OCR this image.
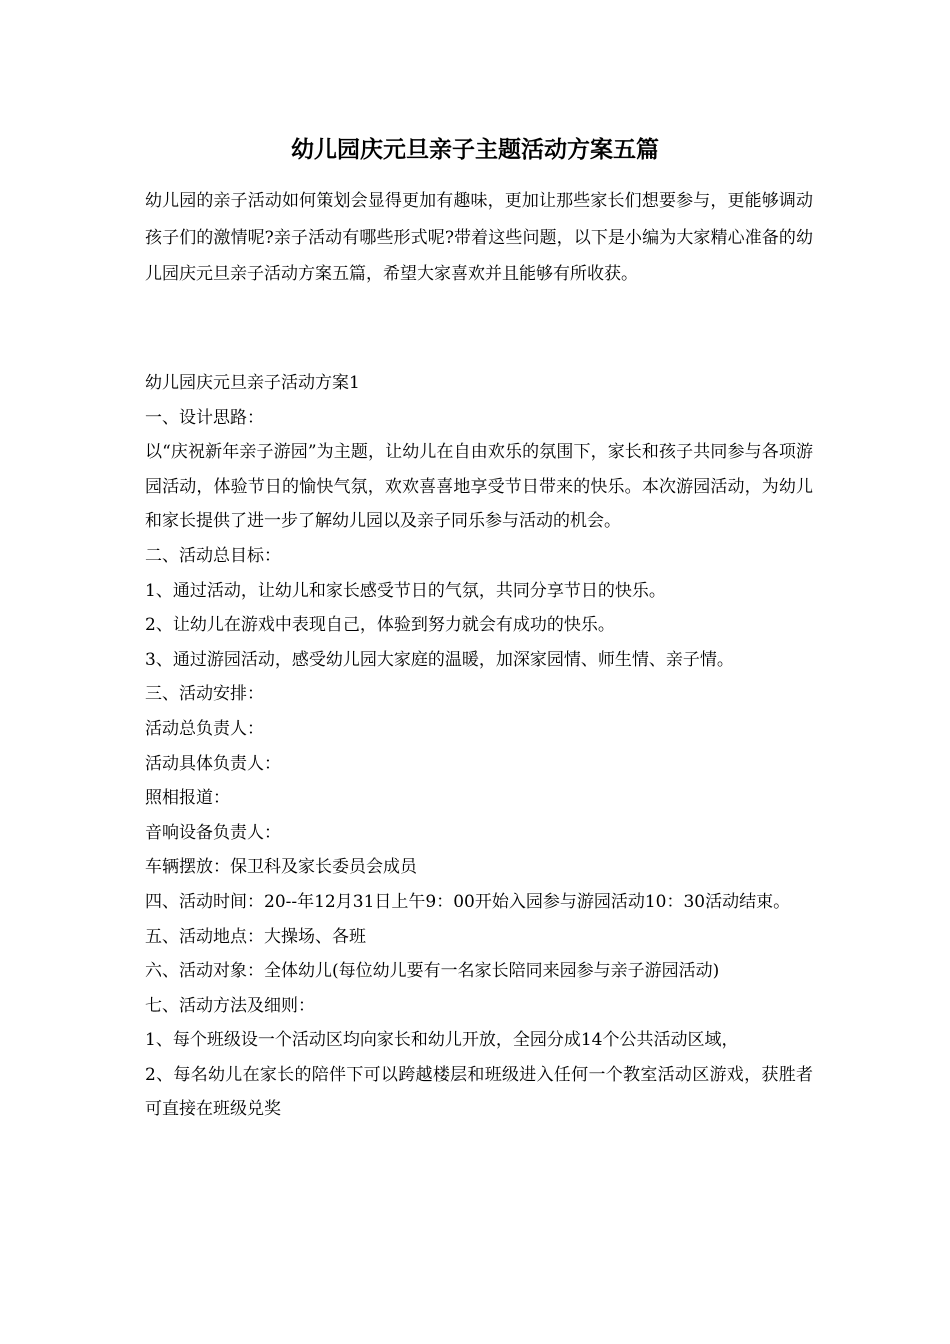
幼儿园庆元旦亲子主题活动方案五篇

幼儿园的亲子活动如何策划会显得更加有趣味，更加让那些家长们想要参与，更能够调动孩子们的激情呢?亲子活动有哪些形式呢?带着这些问题，以下是小编为大家精心准备的幼儿园庆元旦亲子活动方案五篇，希望大家喜欢并且能够有所收获。

幼儿园庆元旦亲子活动方案1

一、设计思路：

以“庆祝新年亲子游园”为主题，让幼儿在自由欢乐的氛围下，家长和孩子共同参与各项游园活动，体验节日的愉快气氛，欢欢喜喜地享受节日带来的快乐。本次游园活动，为幼儿和家长提供了进一步了解幼儿园以及亲子同乐参与活动的机会。

二、活动总目标：

1、通过活动，让幼儿和家长感受节日的气氛，共同分享节日的快乐。

2、让幼儿在游戏中表现自己，体验到努力就会有成功的快乐。

3、通过游园活动，感受幼儿园大家庭的温暖，加深家园情、师生情、亲子情。

三、活动安排：

活动总负责人：

活动具体负责人：

照相报道：

音响设备负责人：

车辆摆放：保卫科及家长委员会成员

四、活动时间：20--年12月31日上午9：00开始入园参与游园活动10：30活动结束。

五、活动地点：大操场、各班

六、活动对象：全体幼儿(每位幼儿要有一名家长陪同来园参与亲子游园活动)

七、活动方法及细则：

1、每个班级设一个活动区均向家长和幼儿开放，全园分成14个公共活动区域，

2、每名幼儿在家长的陪伴下可以跨越楼层和班级进入任何一个教室活动区游戏，获胜者可直接在班级兑奖
